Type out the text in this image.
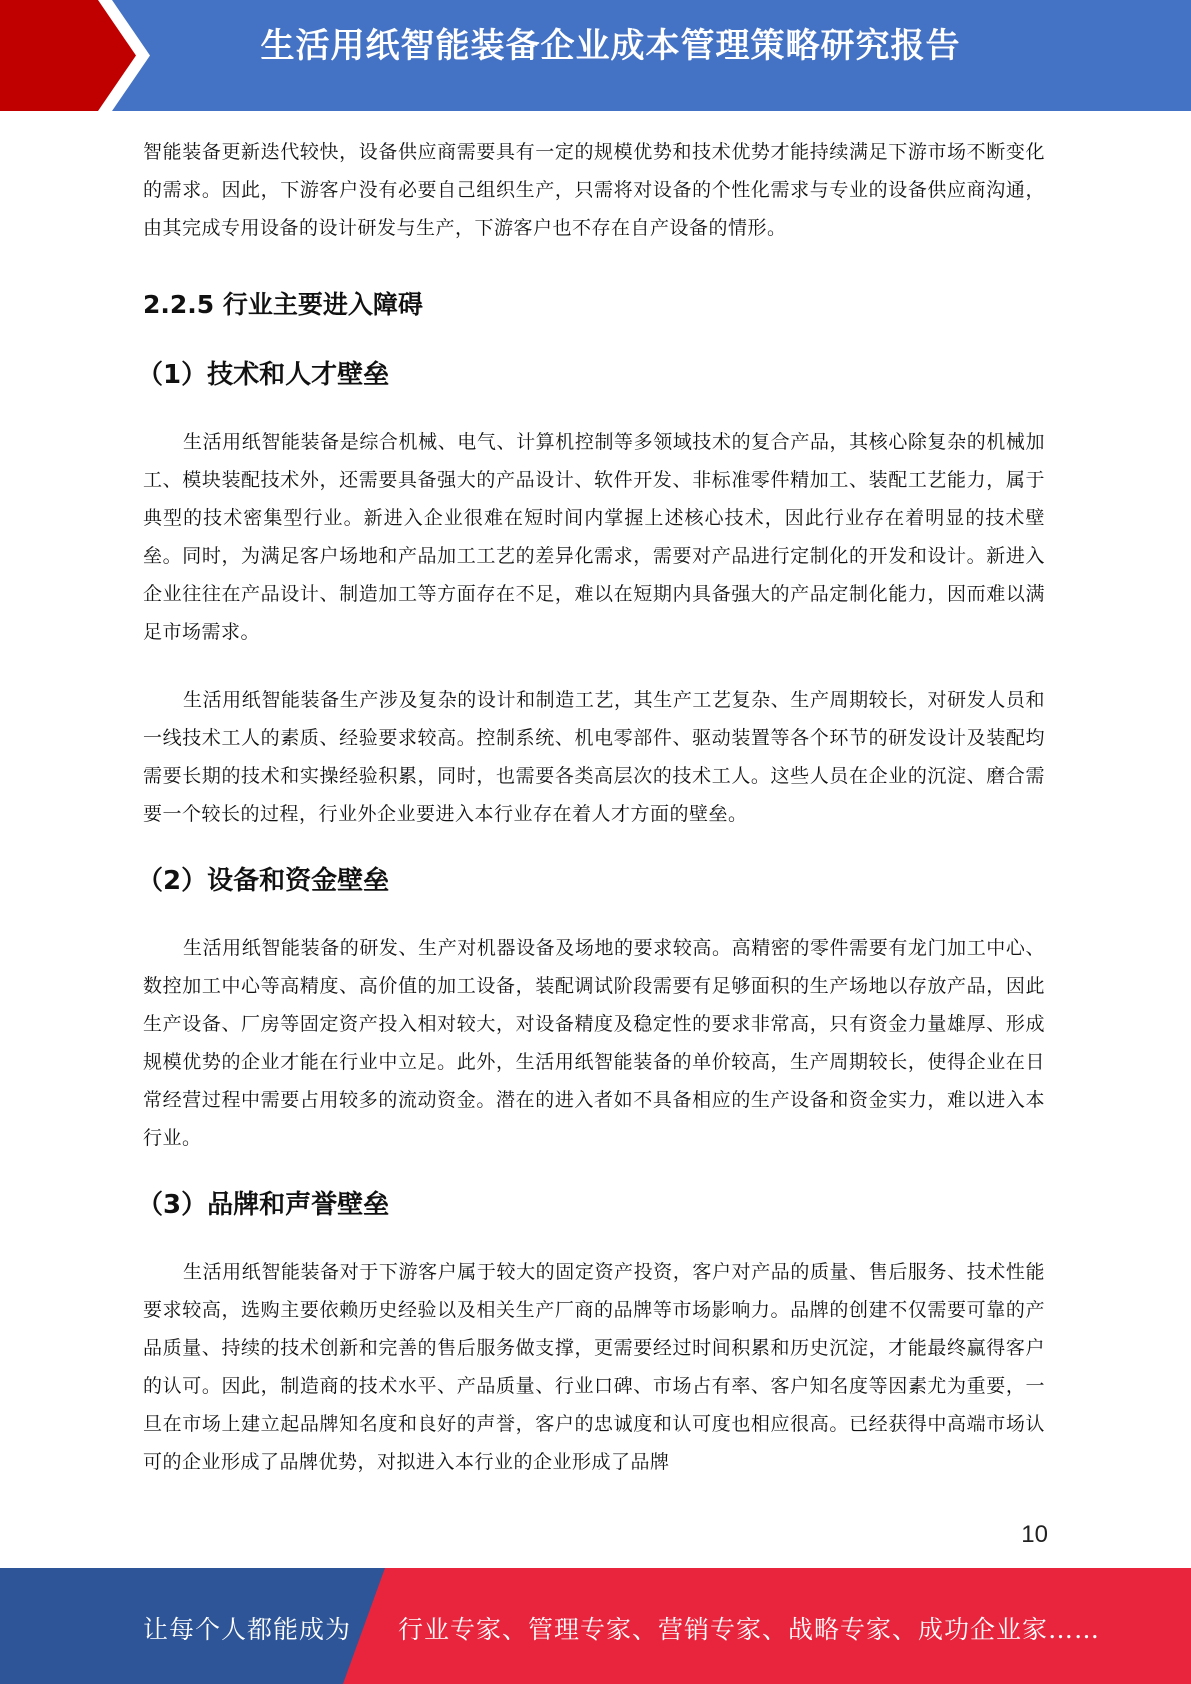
生活用纸智能装备企业成本管理策略研究报告

智能装备更新迭代较快，设备供应商需要具有一定的规模优势和技术优势才能持续满足下游市场不断变化的需求。因此，下游客户没有必要自己组织生产，只需将对设备的个性化需求与专业的设备供应商沟通，由其完成专用设备的设计研发与生产，下游客户也不存在自产设备的情形。

2.2.5 行业主要进入障碍
（1）技术和人才壁垒

生活用纸智能装备是综合机械、电气、计算机控制等多领域技术的复合产品，其核心除复杂的机械加工、模块装配技术外，还需要具备强大的产品设计、软件开发、非标准零件精加工、装配工艺能力，属于典型的技术密集型行业。新进入企业很难在短时间内掌握上述核心技术，因此行业存在着明显的技术壁垒。同时，为满足客户场地和产品加工工艺的差异化需求，需要对产品进行定制化的开发和设计。新进入企业往往在产品设计、制造加工等方面存在不足，难以在短期内具备强大的产品定制化能力，因而难以满足市场需求。

生活用纸智能装备生产涉及复杂的设计和制造工艺，其生产工艺复杂、生产周期较长，对研发人员和一线技术工人的素质、经验要求较高。控制系统、机电零部件、驱动装置等各个环节的研发设计及装配均需要长期的技术和实操经验积累，同时，也需要各类高层次的技术工人。这些人员在企业的沉淀、磨合需要一个较长的过程，行业外企业要进入本行业存在着人才方面的壁垒。

（2）设备和资金壁垒

生活用纸智能装备的研发、生产对机器设备及场地的要求较高。高精密的零件需要有龙门加工中心、数控加工中心等高精度、高价值的加工设备，装配调试阶段需要有足够面积的生产场地以存放产品，因此生产设备、厂房等固定资产投入相对较大，对设备精度及稳定性的要求非常高，只有资金力量雄厚、形成规模优势的企业才能在行业中立足。此外，生活用纸智能装备的单价较高，生产周期较长，使得企业在日常经营过程中需要占用较多的流动资金。潜在的进入者如不具备相应的生产设备和资金实力，难以进入本行业。

（3）品牌和声誉壁垒

生活用纸智能装备对于下游客户属于较大的固定资产投资，客户对产品的质量、售后服务、技术性能要求较高，选购主要依赖历史经验以及相关生产厂商的品牌等市场影响力。品牌的创建不仅需要可靠的产品质量、持续的技术创新和完善的售后服务做支撑，更需要经过时间积累和历史沉淀，才能最终赢得客户的认可。因此，制造商的技术水平、产品质量、行业口碑、市场占有率、客户知名度等因素尤为重要，一旦在市场上建立起品牌知名度和良好的声誉，客户的忠诚度和认可度也相应很高。已经获得中高端市场认可的企业形成了品牌优势，对拟进入本行业的企业形成了品牌

10
让每个人都能成为 行业专家、管理专家、营销专家、战略专家、成功企业家……
